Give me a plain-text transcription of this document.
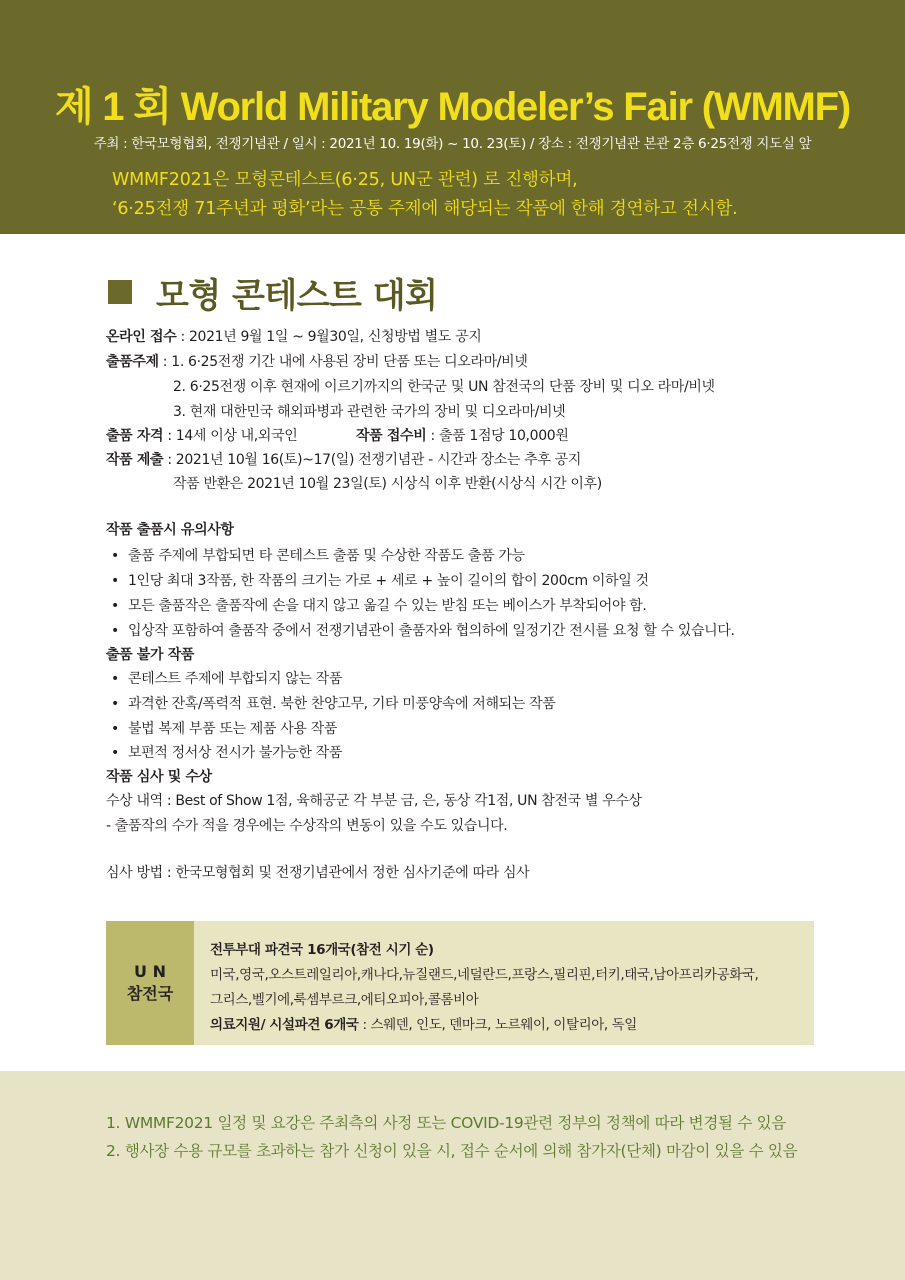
제 1 회 World Military Modeler’s Fair (WMMF)
주최 : 한국모형협회, 전쟁기념관 / 일시 : 2021년 10. 19(화) ~ 10. 23(토) / 장소 : 전쟁기념관 본관 2층 6·25전쟁 지도실 앞
WMMF2021은 모형콘테스트(6·25, UN군 관련) 로 진행하며,
‘6·25전쟁 71주년과 평화’라는 공통 주제에 해당되는 작품에 한해 경연하고 전시함.
모형 콘테스트 대회
온라인 접수 : 2021년 9월 1일 ~ 9월30일, 신청방법 별도 공지
출품주제 : 1. 6·25전쟁 기간 내에 사용된 장비 단품 또는 디오라마/비넷
2. 6·25전쟁 이후 현재에 이르기까지의 한국군 및 UN 참전국의 단품 장비 및 디오 라마/비넷
3. 현재 대한민국 해외파병과 관련한 국가의 장비 및 디오라마/비넷
출품 자격 : 14세 이상 내,외국인	작품 접수비 : 출품 1점당 10,000원
작품 제출 : 2021년 10월 16(토)~17(일) 전쟁기념관 - 시간과 장소는 추후 공지
작품 반환은 2021년 10월 23일(토) 시상식 이후 반환(시상식 시간 이후)
작품 출품시 유의사항
• 출품 주제에 부합되면 타 콘테스트 출품 및 수상한 작품도 출품 가능
• 1인당 최대 3작품, 한 작품의 크기는 가로 + 세로 + 높이 길이의 합이 200cm 이하일 것
• 모든 출품작은 출품작에 손을 대지 않고 옮길 수 있는 받침 또는 베이스가 부착되어야 함.
• 입상작 포함하여 출품작 중에서 전쟁기념관이 출품자와 협의하에 일정기간 전시를 요청 할 수 있습니다.
출품 불가 작품
• 콘테스트 주제에 부합되지 않는 작품
• 과격한 잔혹/폭력적 표현. 북한 찬양고무, 기타 미풍양속에 저해되는 작품
• 불법 복제 부품 또는 제품 사용 작품
• 보편적 정서상 전시가 불가능한 작품
작품 심사 및 수상
수상 내역 : Best of Show 1점, 육해공군 각 부분 금, 은, 동상 각1점, UN 참전국 별 우수상
- 출품작의 수가 적을 경우에는 수상작의 변동이 있을 수도 있습니다.
심사 방법 : 한국모형협회 및 전쟁기념관에서 정한 심사기준에 따라 심사
U N
참전국
전투부대 파견국 16개국(참전 시기 순)
미국,영국,오스트레일리아,캐나다,뉴질랜드,네덜란드,프랑스,필리핀,터키,태국,남아프리카공화국,
그리스,벨기에,룩셈부르크,에티오피아,콜롬비아
의료지원/ 시설파견 6개국 : 스웨덴, 인도, 덴마크, 노르웨이, 이탈리아, 독일
1. WMMF2021 일정 및 요강은 주최측의 사정 또는 COVID-19관련 정부의 정책에 따라 변경될 수 있음
2. 행사장 수용 규모를 초과하는 참가 신청이 있을 시, 접수 순서에 의해 참가자(단체) 마감이 있을 수 있음
